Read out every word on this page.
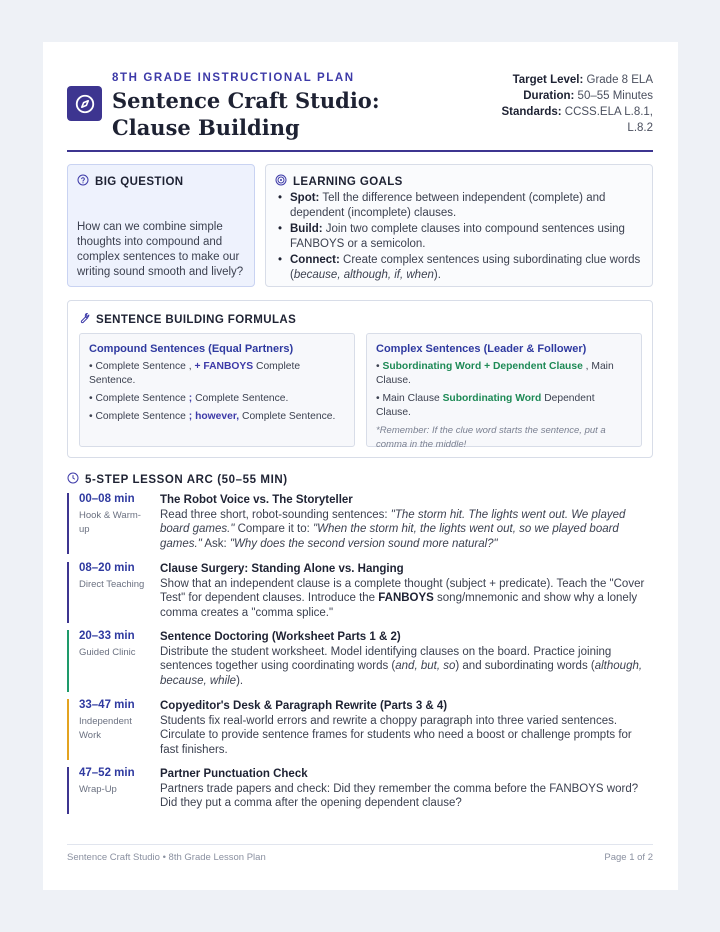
8TH GRADE INSTRUCTIONAL PLAN
Sentence Craft Studio: Clause Building
Target Level: Grade 8 ELA
Duration: 50–55 Minutes
Standards: CCSS.ELA L.8.1, L.8.2
BIG QUESTION
How can we combine simple thoughts into compound and complex sentences to make our writing sound smooth and lively?
LEARNING GOALS
• Spot: Tell the difference between independent (complete) and dependent (incomplete) clauses.
• Build: Join two complete clauses into compound sentences using FANBOYS or a semicolon.
• Connect: Create complex sentences using subordinating clue words (because, although, if, when).
SENTENCE BUILDING FORMULAS
Compound Sentences (Equal Partners)
• Complete Sentence , + FANBOYS Complete Sentence.
• Complete Sentence ; Complete Sentence.
• Complete Sentence ; however, Complete Sentence.
Complex Sentences (Leader & Follower)
• Subordinating Word + Dependent Clause , Main Clause.
• Main Clause Subordinating Word Dependent Clause.
*Remember: If the clue word starts the sentence, put a comma in the middle!
5-STEP LESSON ARC (50–55 MIN)
00–08 min
Hook & Warm-up
The Robot Voice vs. The Storyteller
Read three short, robot-sounding sentences: "The storm hit. The lights went out. We played board games." Compare it to: "When the storm hit, the lights went out, so we played board games." Ask: "Why does the second version sound more natural?"
08–20 min
Direct Teaching
Clause Surgery: Standing Alone vs. Hanging
Show that an independent clause is a complete thought (subject + predicate). Teach the "Cover Test" for dependent clauses. Introduce the FANBOYS song/mnemonic and show why a lonely comma creates a "comma splice."
20–33 min
Guided Clinic
Sentence Doctoring (Worksheet Parts 1 & 2)
Distribute the student worksheet. Model identifying clauses on the board. Practice joining sentences together using coordinating words (and, but, so) and subordinating words (although, because, while).
33–47 min
Independent Work
Copyeditor's Desk & Paragraph Rewrite (Parts 3 & 4)
Students fix real-world errors and rewrite a choppy paragraph into three varied sentences. Circulate to provide sentence frames for students who need a boost or challenge prompts for fast finishers.
47–52 min
Wrap-Up
Partner Punctuation Check
Partners trade papers and check: Did they remember the comma before the FANBOYS word? Did they put a comma after the opening dependent clause?
Sentence Craft Studio • 8th Grade Lesson Plan	Page 1 of 2
